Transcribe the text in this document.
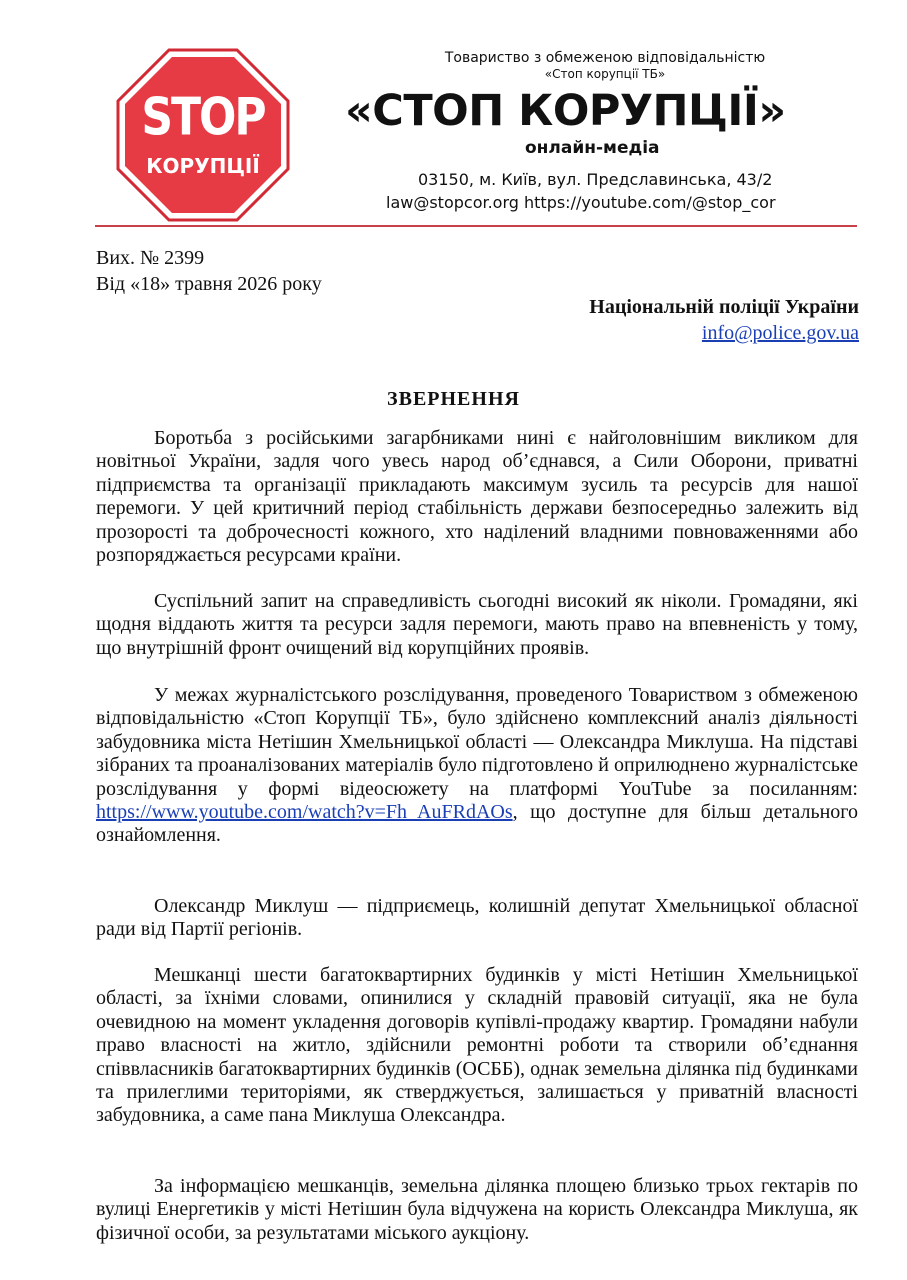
STOP
КОРУПЦІЇ
Товариство з обмеженою відповідальністю
«Стоп корупції ТБ»
«СТОП КОРУПЦІЇ»
онлайн-медіа
03150, м. Київ, вул. Предславинська, 43/2
law@stopcor.org https://youtube.com/@stop_cor
Вих. № 2399
Від «18» травня 2026 року
Національній поліції України
info@police.gov.ua
ЗВЕРНЕННЯ

Боротьба з російськими загарбниками нині є найголовнішим викликом для новітньої України, задля чого увесь народ об’єднався, а Сили Оборони, приватні підприємства та організації прикладають максимум зусиль та ресурсів для нашої перемоги. У цей критичний період стабільність держави безпосередньо залежить від прозорості та доброчесності кожного, хто наділений владними повноваженнями або розпоряджається ресурсами країни.

Суспільний запит на справедливість сьогодні високий як ніколи. Громадяни, які щодня віддають життя та ресурси задля перемоги, мають право на впевненість у тому, що внутрішній фронт очищений від корупційних проявів.

У межах журналістського розслідування, проведеного Товариством з обмеженою відповідальністю «Стоп Корупції ТБ», було здійснено комплексний аналіз діяльності забудовника міста Нетішин Хмельницької області — Олександра Миклуша. На підставі зібраних та проаналізованих матеріалів було підготовлено й оприлюднено журналістське розслідування у формі відеосюжету на платформі YouTube за посиланням: https://www.youtube.com/watch?v=Fh_AuFRdAOs, що доступне для більш детального ознайомлення.

Олександр Миклуш — підприємець, колишній депутат Хмельницької обласної ради від Партії регіонів.

Мешканці шести багатоквартирних будинків у місті Нетішин Хмельницької області, за їхніми словами, опинилися у складній правовій ситуації, яка не була очевидною на момент укладення договорів купівлі-продажу квартир. Громадяни набули право власності на житло, здійснили ремонтні роботи та створили об’єднання співвласників багатоквартирних будинків (ОСББ), однак земельна ділянка під будинками та прилеглими територіями, як стверджується, залишається у приватній власності забудовника, а саме пана Миклуша Олександра.

За інформацією мешканців, земельна ділянка площею близько трьох гектарів по вулиці Енергетиків у місті Нетішин була відчужена на користь Олександра Миклуша, як фізичної особи, за результатами міського аукціону.
